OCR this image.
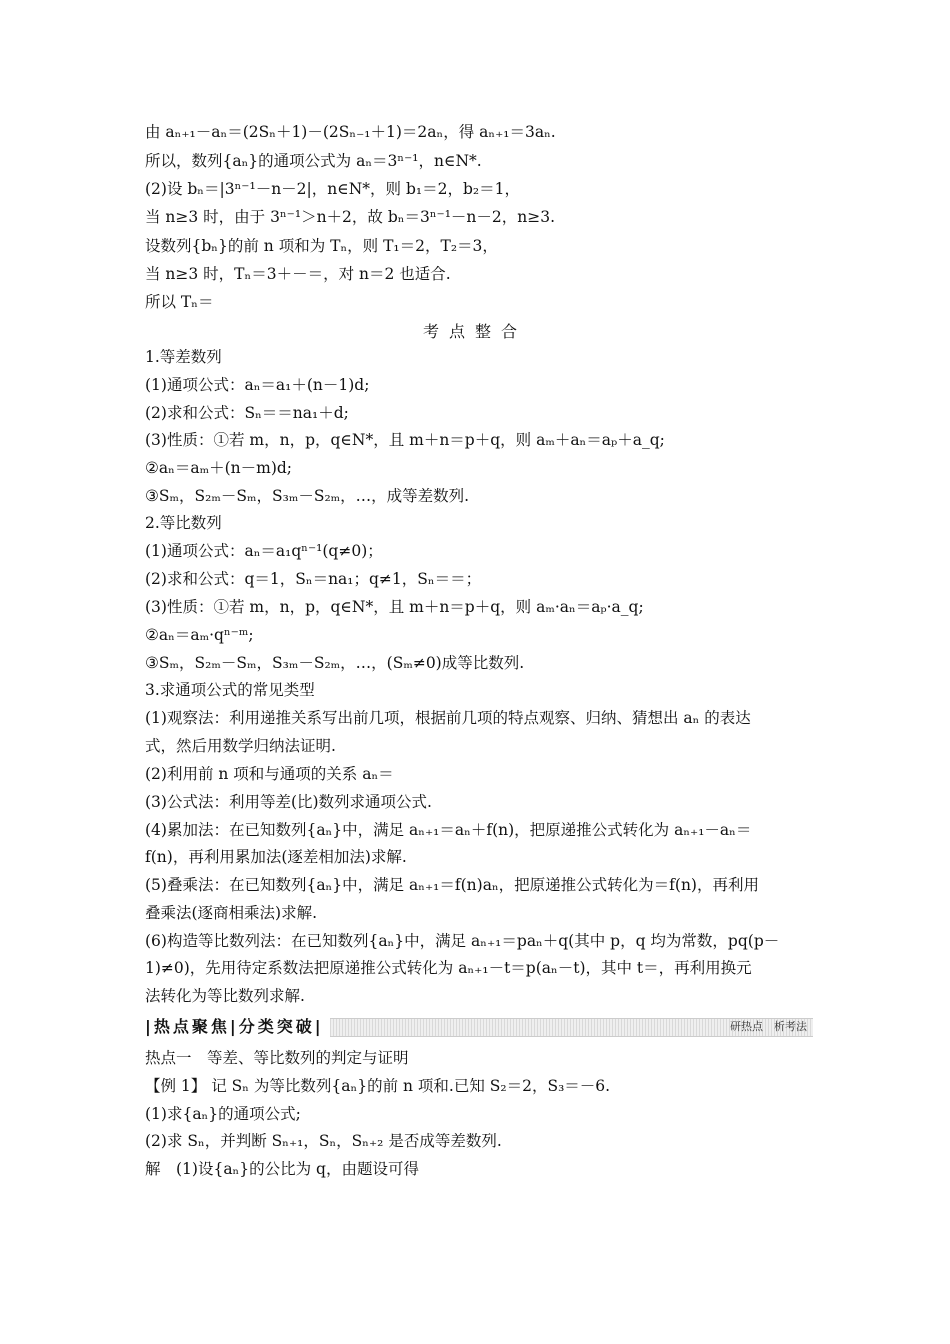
由 aₙ₊₁－aₙ＝(2Sₙ＋1)－(2Sₙ₋₁＋1)＝2aₙ，得 aₙ₊₁＝3aₙ.
所以，数列{aₙ}的通项公式为 aₙ＝3ⁿ⁻¹，n∈N*.
(2)设 bₙ＝|3ⁿ⁻¹－n－2|，n∈N*，则 b₁＝2，b₂＝1，
当 n≥3 时，由于 3ⁿ⁻¹＞n＋2，故 bₙ＝3ⁿ⁻¹－n－2，n≥3.
设数列{bₙ}的前 n 项和为 Tₙ，则 T₁＝2，T₂＝3，
当 n≥3 时，Tₙ＝3＋－＝，对 n＝2 也适合.
所以 Tₙ＝
考点整合
1.等差数列
(1)通项公式：aₙ＝a₁＋(n－1)d;
(2)求和公式：Sₙ＝＝na₁＋d;
(3)性质：①若 m，n，p，q∈N*，且 m＋n＝p＋q，则 aₘ＋aₙ＝aₚ＋a_q;
②aₙ＝aₘ＋(n－m)d;
③Sₘ，S₂ₘ－Sₘ，S₃ₘ－S₂ₘ，…，成等差数列.
2.等比数列
(1)通项公式：aₙ＝a₁qⁿ⁻¹(q≠0)；
(2)求和公式：q＝1，Sₙ＝na₁；q≠1，Sₙ＝＝；
(3)性质：①若 m，n，p，q∈N*，且 m＋n＝p＋q，则 aₘ·aₙ＝aₚ·a_q;
②aₙ＝aₘ·qⁿ⁻ᵐ;
③Sₘ，S₂ₘ－Sₘ，S₃ₘ－S₂ₘ，…，(Sₘ≠0)成等比数列.
3.求通项公式的常见类型
(1)观察法：利用递推关系写出前几项，根据前几项的特点观察、归纳、猜想出 aₙ 的表达
式，然后用数学归纳法证明.
(2)利用前 n 项和与通项的关系 aₙ＝
(3)公式法：利用等差(比)数列求通项公式.
(4)累加法：在已知数列{aₙ}中，满足 aₙ₊₁＝aₙ＋f(n)，把原递推公式转化为 aₙ₊₁－aₙ＝
f(n)，再利用累加法(逐差相加法)求解.
(5)叠乘法：在已知数列{aₙ}中，满足 aₙ₊₁＝f(n)aₙ，把原递推公式转化为＝f(n)，再利用
叠乘法(逐商相乘法)求解.
(6)构造等比数列法：在已知数列{aₙ}中，满足 aₙ₊₁＝paₙ＋q(其中 p，q 均为常数，pq(p－
1)≠0)，先用待定系数法把原递推公式转化为 aₙ₊₁－t＝p(aₙ－t)，其中 t＝，再利用换元
法转化为等比数列求解.
|热点聚焦|分类突破|	研热点　析考法
热点一　等差、等比数列的判定与证明
【例 1】 记 Sₙ 为等比数列{aₙ}的前 n 项和.已知 S₂＝2，S₃＝－6.
(1)求{aₙ}的通项公式;
(2)求 Sₙ，并判断 Sₙ₊₁，Sₙ，Sₙ₊₂ 是否成等差数列.
解　(1)设{aₙ}的公比为 q，由题设可得
